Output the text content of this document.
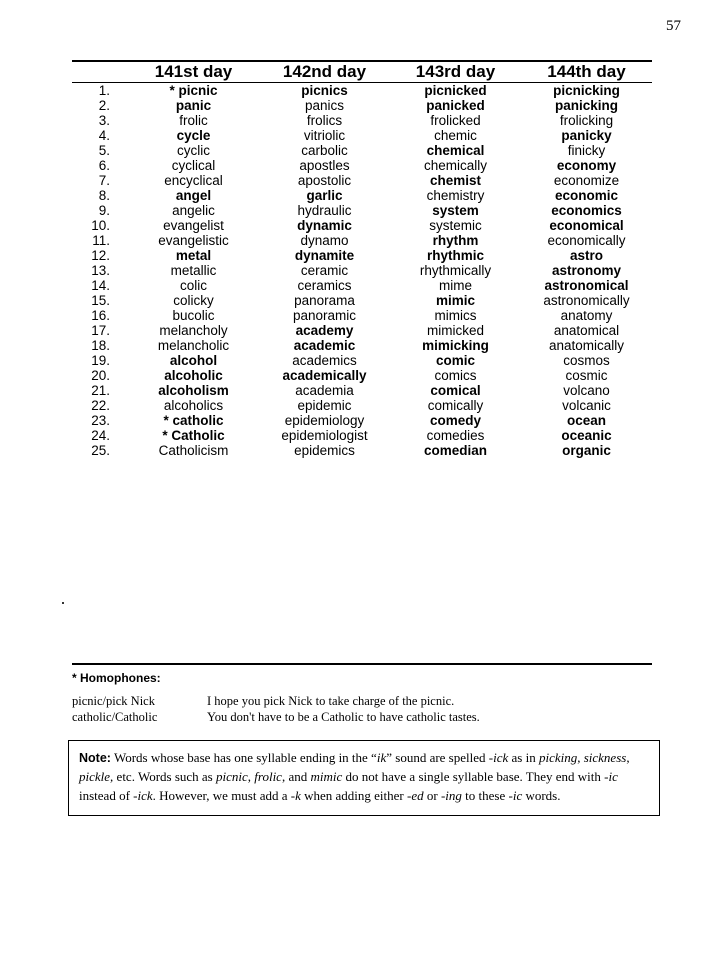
57
	141st day	142nd day	143rd day	144th day
1.	* picnic	picnics	picnicked	picnicking
2.	panic	panics	panicked	panicking
3.	frolic	frolics	frolicked	frolicking
4.	cycle	vitriolic	chemic	panicky
5.	cyclic	carbolic	chemical	finicky
6.	cyclical	apostles	chemically	economy
7.	encyclical	apostolic	chemist	economize
8.	angel	garlic	chemistry	economic
9.	angelic	hydraulic	system	economics
10.	evangelist	dynamic	systemic	economical
11.	evangelistic	dynamo	rhythm	economically
12.	metal	dynamite	rhythmic	astro
13.	metallic	ceramic	rhythmically	astronomy
14.	colic	ceramics	mime	astronomical
15.	colicky	panorama	mimic	astronomically
16.	bucolic	panoramic	mimics	anatomy
17.	melancholy	academy	mimicked	anatomical
18.	melancholic	academic	mimicking	anatomically
19.	alcohol	academics	comic	cosmos
20.	alcoholic	academically	comics	cosmic
21.	alcoholism	academia	comical	volcano
22.	alcoholics	epidemic	comically	volcanic
23.	* catholic	epidemiology	comedy	ocean
24.	* Catholic	epidemiologist	comedies	oceanic
25.	Catholicism	epidemics	comedian	organic
* Homophones:
picnic/pick Nick	I hope you pick Nick to take charge of the picnic.
catholic/Catholic	You don't have to be a Catholic to have catholic tastes.
Note: Words whose base has one syllable ending in the “ik” sound are spelled -ick as in picking, sickness, pickle, etc. Words such as picnic, frolic, and mimic do not have a single syllable base. They end with -ic instead of -ick. However, we must add a -k when adding either -ed or -ing to these -ic words.
